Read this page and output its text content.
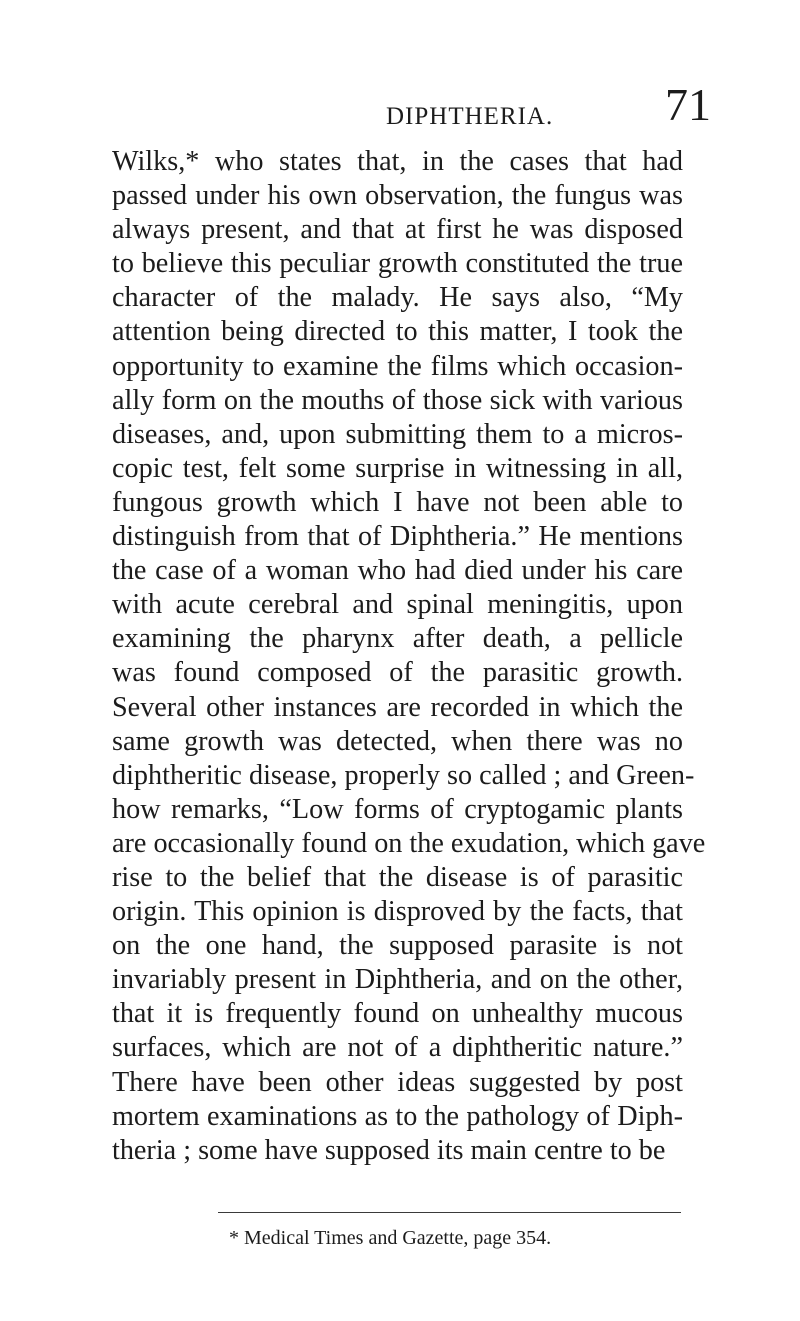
DIPHTHERIA. 71
Wilks,* who states that, in the cases that had
passed under his own observation, the fungus was
always present, and that at first he was disposed
to believe this peculiar growth constituted the true
character of the malady. He says also, “My
attention being directed to this matter, I took the
opportunity to examine the films which occasion-
ally form on the mouths of those sick with various
diseases, and, upon submitting them to a micros-
copic test, felt some surprise in witnessing in all,
fungous growth which I have not been able to
distinguish from that of Diphtheria.” He mentions
the case of a woman who had died under his care
with acute cerebral and spinal meningitis, upon
examining the pharynx after death, a pellicle
was found composed of the parasitic growth.
Several other instances are recorded in which the
same growth was detected, when there was no
diphtheritic disease, properly so called ; and Green-
how remarks, “Low forms of cryptogamic plants
are occasionally found on the exudation, which gave
rise to the belief that the disease is of parasitic
origin. This opinion is disproved by the facts, that
on the one hand, the supposed parasite is not
invariably present in Diphtheria, and on the other,
that it is frequently found on unhealthy mucous
surfaces, which are not of a diphtheritic nature.”
There have been other ideas suggested by post
mortem examinations as to the pathology of Diph-
theria ; some have supposed its main centre to be
* Medical Times and Gazette, page 354.
